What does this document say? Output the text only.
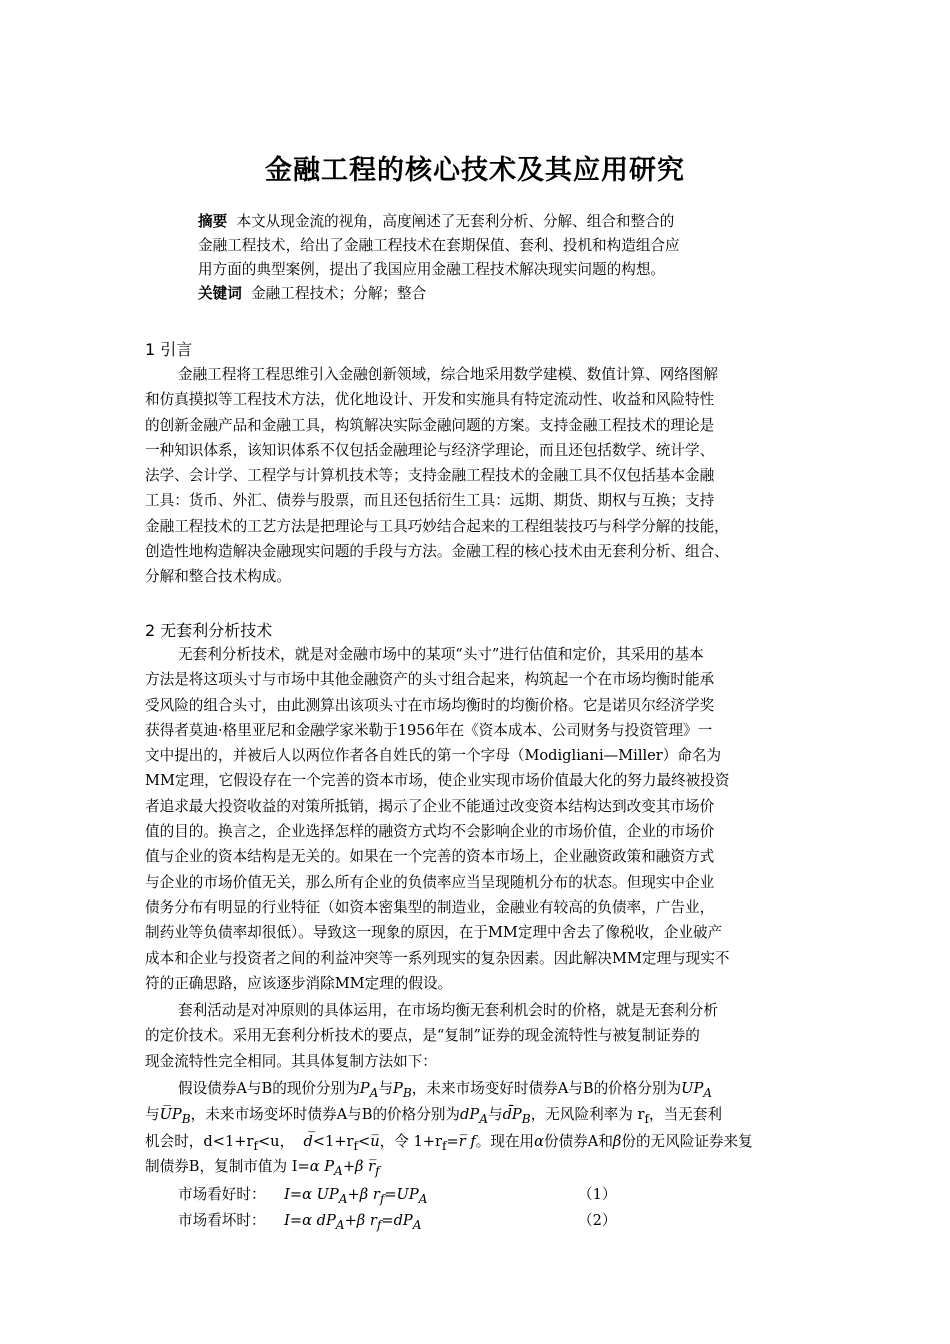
金融工程的核心技术及其应用研究

摘要 本文从现金流的视角，高度阐述了无套利分析、分解、组合和整合的

金融工程技术，给出了金融工程技术在套期保值、套利、投机和构造组合应

用方面的典型案例，提出了我国应用金融工程技术解决现实问题的构想。

关键词 金融工程技术；分解；整合

1 引言
金融工程将工程思维引入金融创新领域，综合地采用数学建模、数值计算、网络图解
和仿真摸拟等工程技术方法，优化地设计、开发和实施具有特定流动性、收益和风险特性
的创新金融产品和金融工具，构筑解决实际金融问题的方案。支持金融工程技术的理论是
一种知识体系，该知识体系不仅包括金融理论与经济学理论，而且还包括数学、统计学、
法学、会计学、工程学与计算机技术等；支持金融工程技术的金融工具不仅包括基本金融
工具：货币、外汇、债券与股票，而且还包括衍生工具：远期、期货、期权与互换；支持
金融工程技术的工艺方法是把理论与工具巧妙结合起来的工程组装技巧与科学分解的技能，
创造性地构造解决金融现实问题的手段与方法。金融工程的核心技术由无套利分析、组合、
分解和整合技术构成。
2 无套利分析技术
无套利分析技术，就是对金融市场中的某项“头寸”进行估值和定价，其采用的基本
方法是将这项头寸与市场中其他金融资产的头寸组合起来，构筑起一个在市场均衡时能承
受风险的组合头寸，由此测算出该项头寸在市场均衡时的均衡价格。它是诺贝尔经济学奖
获得者莫迪·格里亚尼和金融学家米勒于1956年在《资本成本、公司财务与投资管理》一
文中提出的，并被后人以两位作者各自姓氏的第一个字母（Modigliani—Miller）命名为
MM定理，它假设存在一个完善的资本市场，使企业实现市场价值最大化的努力最终被投资
者追求最大投资收益的对策所抵销，揭示了企业不能通过改变资本结构达到改变其市场价
值的目的。换言之，企业选择怎样的融资方式均不会影响企业的市场价值，企业的市场价
值与企业的资本结构是无关的。如果在一个完善的资本市场上，企业融资政策和融资方式
与企业的市场价值无关，那么所有企业的负债率应当呈现随机分布的状态。但现实中企业
债务分布有明显的行业特征（如资本密集型的制造业，金融业有较高的负债率，广告业，
制药业等负债率却很低）。导致这一现象的原因，在于MM定理中舍去了像税收，企业破产
成本和企业与投资者之间的利益冲突等一系列现实的复杂因素。因此解决MM定理与现实不
符的正确思路，应该逐步消除MM定理的假设。
套利活动是对冲原则的具体运用，在市场均衡无套利机会时的价格，就是无套利分析
的定价技术。采用无套利分析技术的要点，是“复制”证券的现金流特性与被复制证券的
现金流特性完全相同。其具体复制方法如下：
假设债券A与B的现价分别为$P_A$与$P_B$，未来市场变好时债券A与B的价格分别为$UP_A$
与$U̅P_B$，未来市场变坏时债券A与B的价格分别为$dP_A$与$d̄P_B$，无风险利率为 $r_f$，当无套利
机会时，$d<1+r_f<u$， $d̅<1+r_f<u̅$，令 $1+r_f=r̅$ f。现在用α份债券A和β份的无风险证券来复
制债券B，复制市值为 I=α $P_A+\beta$ $r̅_f$
市场看好时： I=α $UP_A+\beta$ $r_f=UP_A$	（1）
市场看坏时： I=α $dP_A+\beta$ $r_f=dP_A$	（2）
